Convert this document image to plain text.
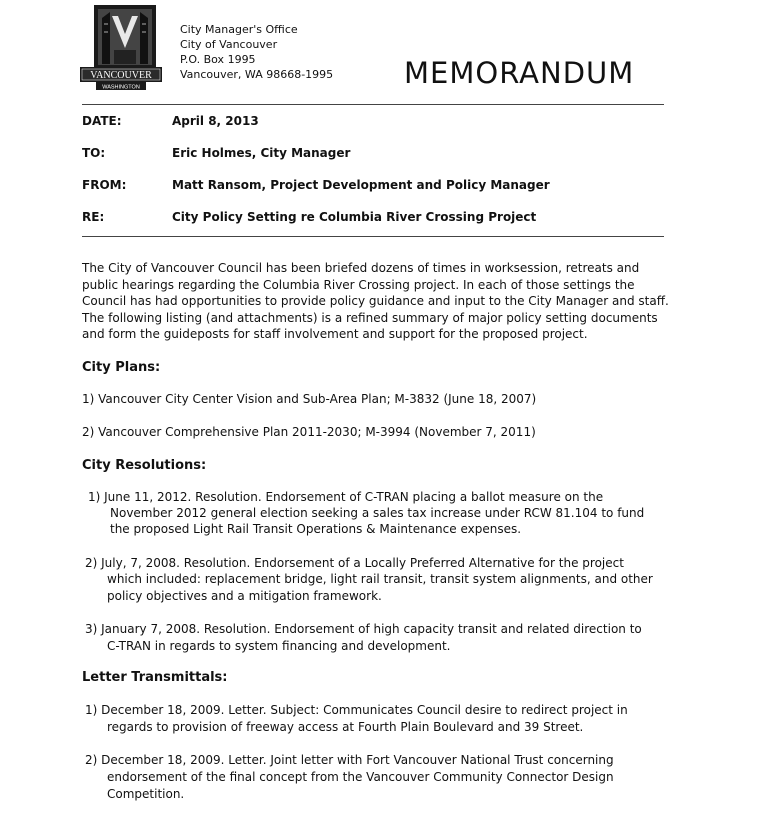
VANCOUVER
WASHINGTON
City Manager's Office
City of Vancouver
P.O. Box 1995
Vancouver, WA 98668-1995 MEMORANDUM
DATE:	April 8, 2013
TO:	Eric Holmes, City Manager
FROM:	Matt Ransom, Project Development and Policy Manager
RE:	City Policy Setting re Columbia River Crossing Project
The City of Vancouver Council has been briefed dozens of times in worksession, retreats and public hearings regarding the Columbia River Crossing project. In each of those settings the Council has had opportunities to provide policy guidance and input to the City Manager and staff. The following listing (and attachments) is a refined summary of major policy setting documents and form the guideposts for staff involvement and support for the proposed project.
City Plans:
1) Vancouver City Center Vision and Sub-Area Plan; M-3832 (June 18, 2007)
2) Vancouver Comprehensive Plan 2011-2030; M-3994 (November 7, 2011)
City Resolutions:
1) June 11, 2012. Resolution. Endorsement of C-TRAN placing a ballot measure on the
November 2012 general election seeking a sales tax increase under RCW 81.104 to fund
the proposed Light Rail Transit Operations & Maintenance expenses.
2) July, 7, 2008. Resolution. Endorsement of a Locally Preferred Alternative for the project
which included: replacement bridge, light rail transit, transit system alignments, and other
policy objectives and a mitigation framework.
3) January 7, 2008. Resolution. Endorsement of high capacity transit and related direction to
C-TRAN in regards to system financing and development.
Letter Transmittals:
1) December 18, 2009. Letter. Subject: Communicates Council desire to redirect project in
regards to provision of freeway access at Fourth Plain Boulevard and 39 Street.
2) December 18, 2009. Letter. Joint letter with Fort Vancouver National Trust concerning
endorsement of the final concept from the Vancouver Community Connector Design
Competition.
